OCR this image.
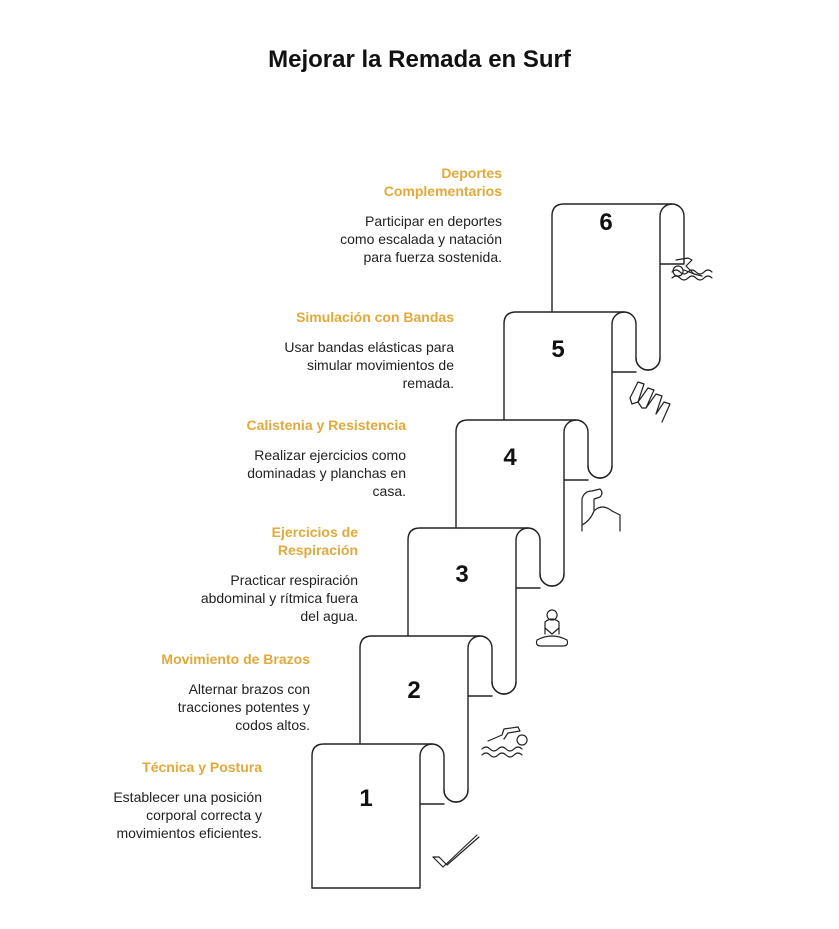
Mejorar la Remada en Surf
Técnica y Postura
Establecer una posición corporal correcta y movimientos eficientes.
Movimiento de Brazos
Alternar brazos con tracciones potentes y codos altos.
Ejercicios de Respiración
Practicar respiración abdominal y rítmica fuera del agua.
Calistenia y Resistencia
Realizar ejercicios como dominadas y planchas en casa.
Simulación con Bandas
Usar bandas elásticas para simular movimientos de remada.
Deportes Complementarios
Participar en deportes como escalada y natación para fuerza sostenida.
1
2
3
4
5
6
